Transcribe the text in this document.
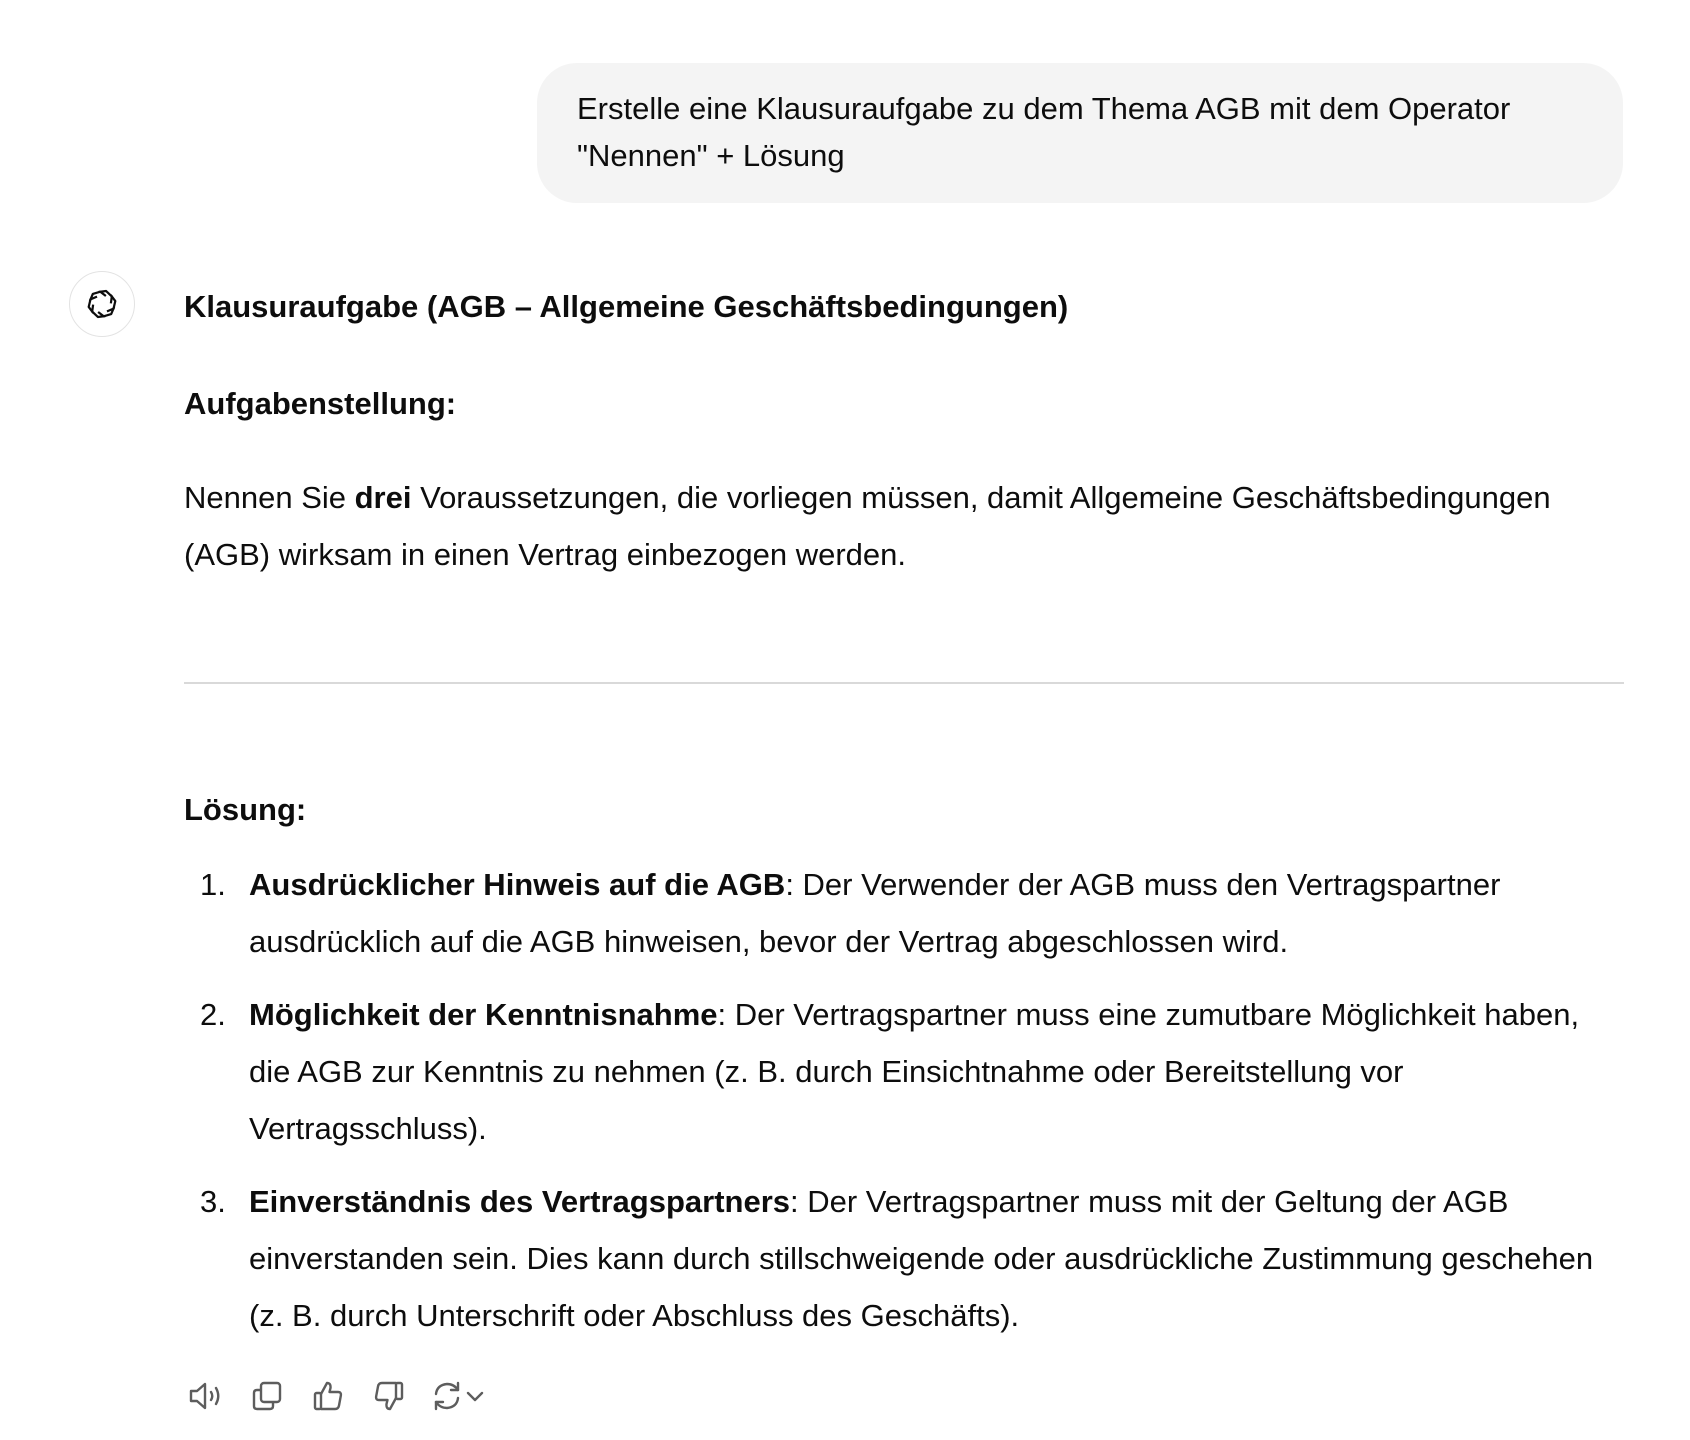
Erstelle eine Klausuraufgabe zu dem Thema AGB mit dem Operator
"Nennen" + Lösung
Klausuraufgabe (AGB – Allgemeine Geschäftsbedingungen)
Aufgabenstellung:

Nennen Sie drei Voraussetzungen, die vorliegen müssen, damit Allgemeine Geschäftsbedingungen (AGB) wirksam in einen Vertrag einbezogen werden.

Lösung:
1. Ausdrücklicher Hinweis auf die AGB: Der Verwender der AGB muss den Vertragspartner ausdrücklich auf die AGB hinweisen, bevor der Vertrag abgeschlossen wird.
2. Möglichkeit der Kenntnisnahme: Der Vertragspartner muss eine zumutbare Möglichkeit haben, die AGB zur Kenntnis zu nehmen (z. B. durch Einsichtnahme oder Bereitstellung vor Vertragsschluss).
3. Einverständnis des Vertragspartners: Der Vertragspartner muss mit der Geltung der AGB einverstanden sein. Dies kann durch stillschweigende oder ausdrückliche Zustimmung geschehen (z. B. durch Unterschrift oder Abschluss des Geschäfts).
